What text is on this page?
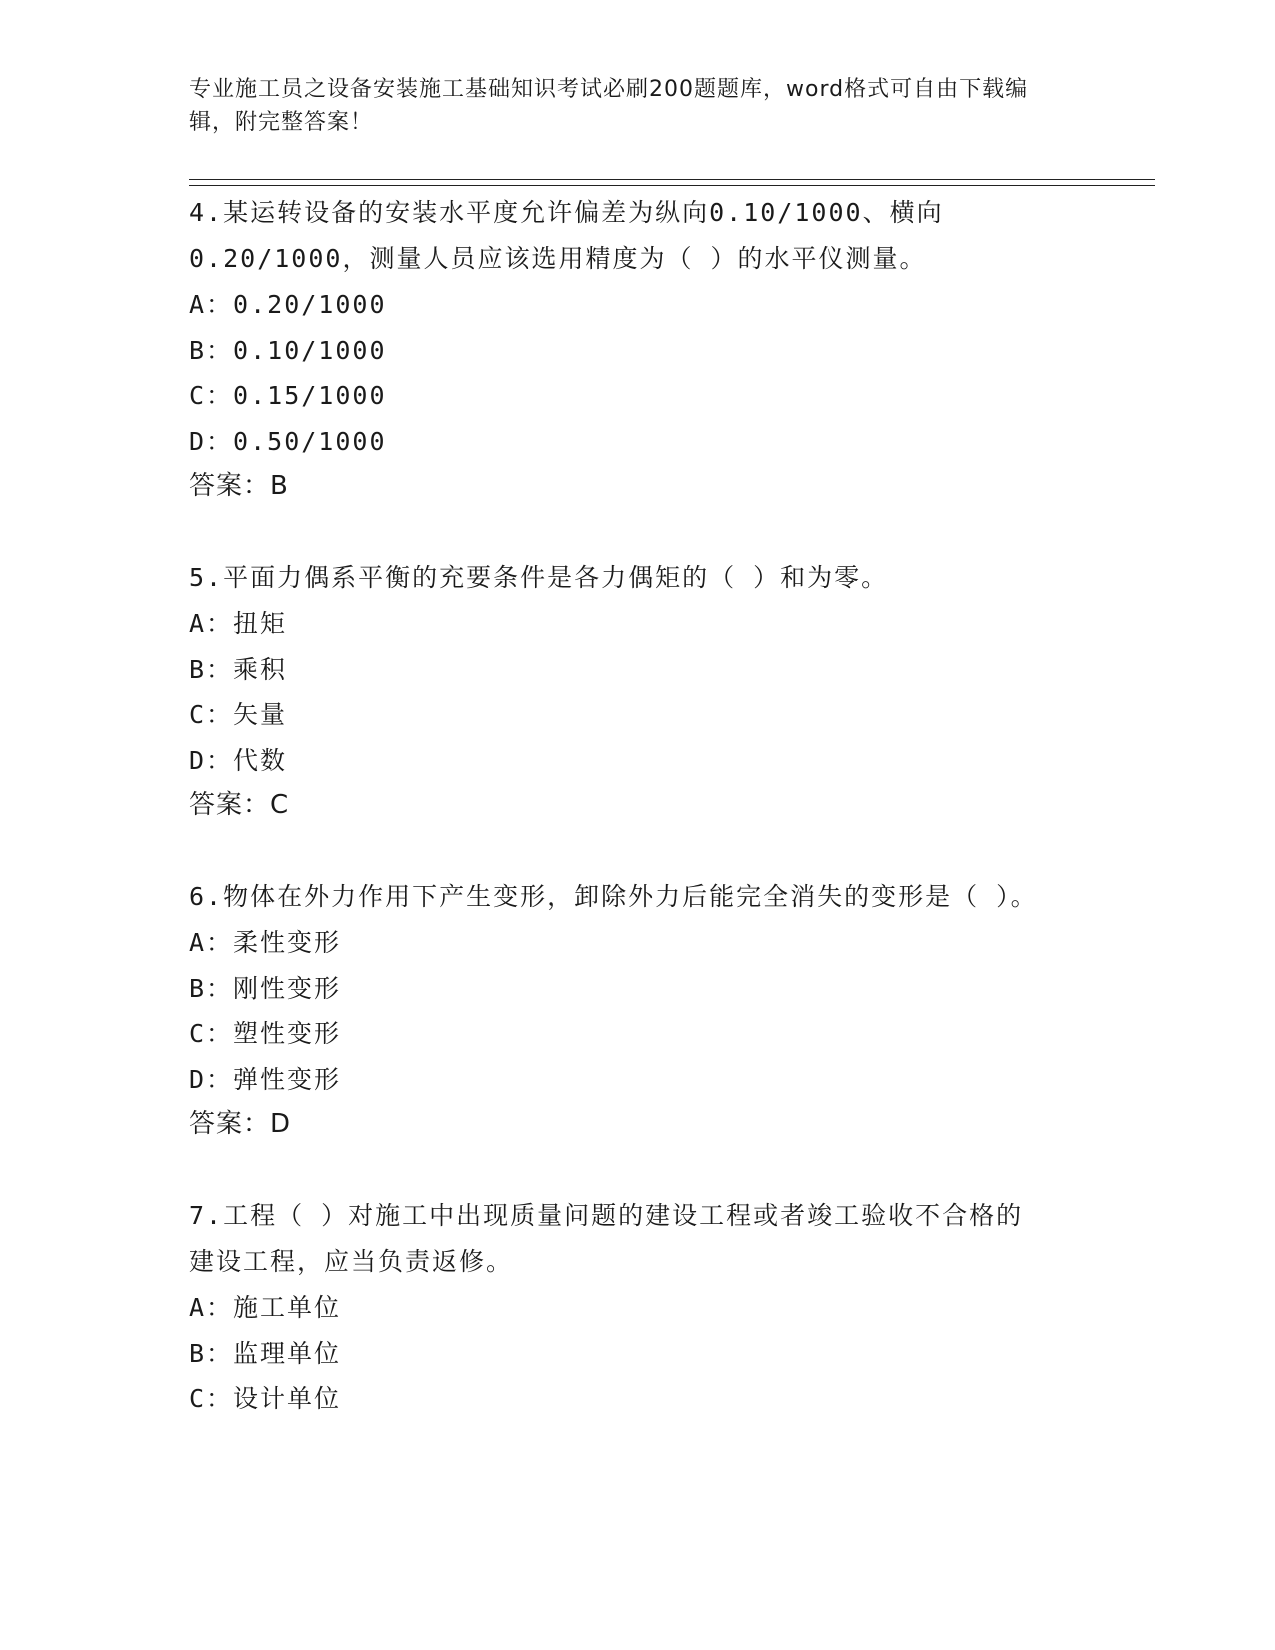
专业施工员之设备安装施工基础知识考试必刷200题题库，word格式可自由下载编辑，附完整答案！

4.某运转设备的安装水平度允许偏差为纵向0.10/1000、横向0.20/1000，测量人员应该选用精度为（ ）的水平仪测量。

A：0.20/1000

B：0.10/1000

C：0.15/1000

D：0.50/1000

答案：B

5.平面力偶系平衡的充要条件是各力偶矩的（ ）和为零。

A：扭矩

B：乘积

C：矢量

D：代数

答案：C

6.物体在外力作用下产生变形，卸除外力后能完全消失的变形是（ ）。

A：柔性变形

B：刚性变形

C：塑性变形

D：弹性变形

答案：D

7.工程（ ）对施工中出现质量问题的建设工程或者竣工验收不合格的建设工程，应当负责返修。

A：施工单位

B：监理单位

C：设计单位
